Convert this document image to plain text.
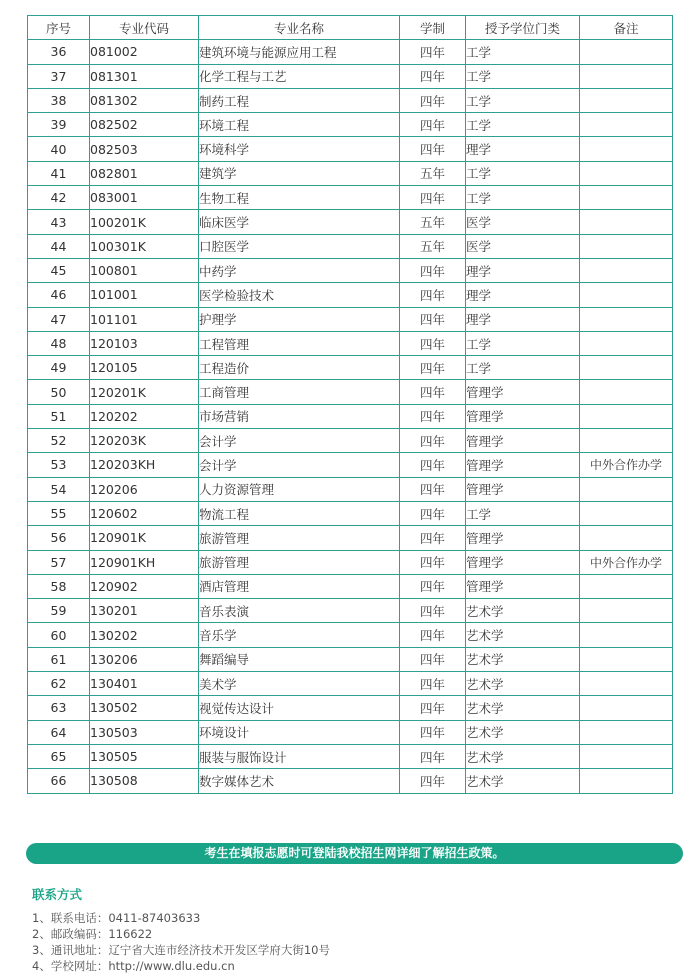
序号	专业代码	专业名称	学制	授予学位门类	备注
36	081002	建筑环境与能源应用工程	四年	工学	
37	081301	化学工程与工艺	四年	工学	
38	081302	制药工程	四年	工学	
39	082502	环境工程	四年	工学	
40	082503	环境科学	四年	理学	
41	082801	建筑学	五年	工学	
42	083001	生物工程	四年	工学	
43	100201K	临床医学	五年	医学	
44	100301K	口腔医学	五年	医学	
45	100801	中药学	四年	理学	
46	101001	医学检验技术	四年	理学	
47	101101	护理学	四年	理学	
48	120103	工程管理	四年	工学	
49	120105	工程造价	四年	工学	
50	120201K	工商管理	四年	管理学	
51	120202	市场营销	四年	管理学	
52	120203K	会计学	四年	管理学	
53	120203KH	会计学	四年	管理学	中外合作办学
54	120206	人力资源管理	四年	管理学	
55	120602	物流工程	四年	工学	
56	120901K	旅游管理	四年	管理学	
57	120901KH	旅游管理	四年	管理学	中外合作办学
58	120902	酒店管理	四年	管理学	
59	130201	音乐表演	四年	艺术学	
60	130202	音乐学	四年	艺术学	
61	130206	舞蹈编导	四年	艺术学	
62	130401	美术学	四年	艺术学	
63	130502	视觉传达设计	四年	艺术学	
64	130503	环境设计	四年	艺术学	
65	130505	服装与服饰设计	四年	艺术学	
66	130508	数字媒体艺术	四年	艺术学	
考生在填报志愿时可登陆我校招生网详细了解招生政策。
联系方式
1、联系电话：0411-87403633
2、邮政编码：116622
3、通讯地址：辽宁省大连市经济技术开发区学府大街10号
4、学校网址：http://www.dlu.edu.cn
